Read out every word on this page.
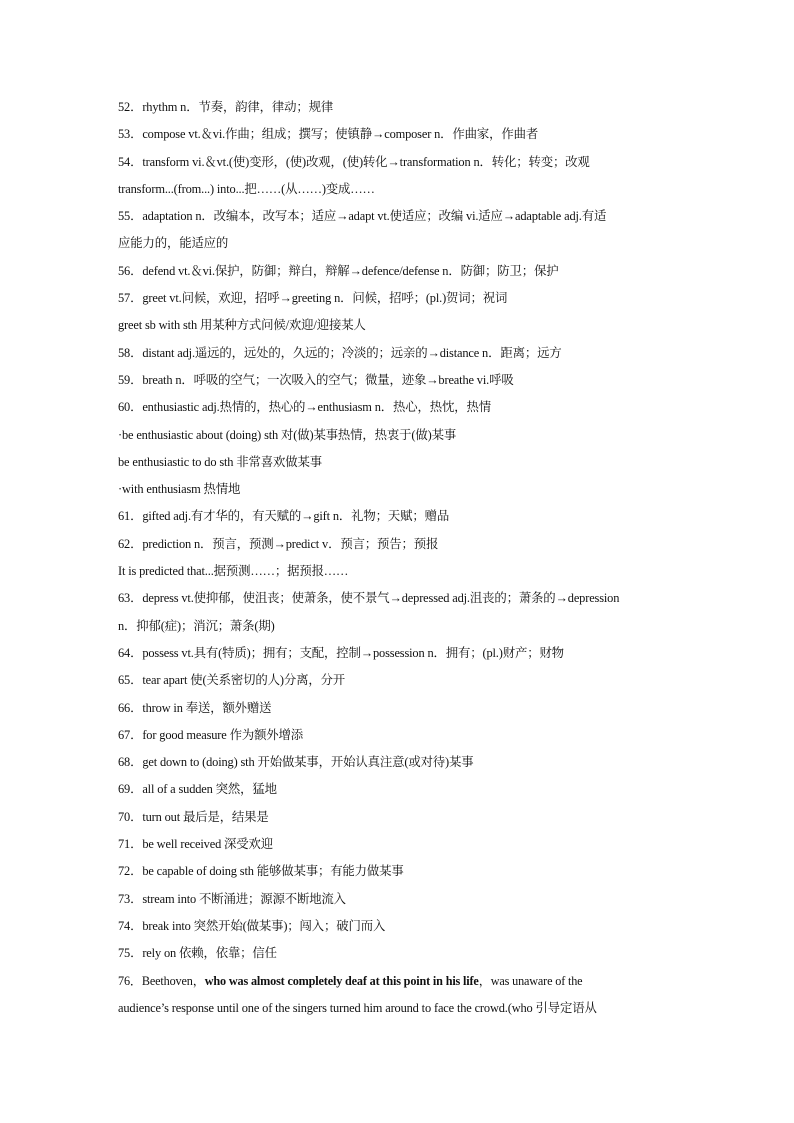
52．rhythm n．节奏，韵律，律动；规律
53．compose vt.＆vi.作曲；组成；撰写；使镇静→composer n．作曲家，作曲者
54．transform vi.＆vt.(使)变形，(使)改观，(使)转化→transformation n．转化；转变；改观
transform...(from...) into...把……(从……)变成……
55．adaptation n．改编本，改写本；适应→adapt vt.使适应；改编 vi.适应→adaptable adj.有适
应能力的，能适应的
56．defend vt.＆vi.保护，防御；辩白，辩解→defence/defense n．防御；防卫；保护
57．greet vt.问候，欢迎，招呼→greeting n．问候，招呼；(pl.)贺词；祝词
greet sb with sth 用某种方式问候/欢迎/迎接某人
58．distant adj.遥远的，远处的，久远的；冷淡的；远亲的→distance n．距离；远方
59．breath n．呼吸的空气；一次吸入的空气；微量，迹象→breathe vi.呼吸
60．enthusiastic adj.热情的，热心的→enthusiasm n．热心，热忱，热情
·be enthusiastic about (doing) sth 对(做)某事热情，热衷于(做)某事
be enthusiastic to do sth 非常喜欢做某事
·with enthusiasm 热情地
61．gifted adj.有才华的，有天赋的→gift n．礼物；天赋；赠品
62．prediction n．预言，预测→predict v．预言；预告；预报
It is predicted that...据预测……；据预报……
63．depress vt.使抑郁，使沮丧；使萧条，使不景气→depressed adj.沮丧的；萧条的→depression
n．抑郁(症)；消沉；萧条(期)
64．possess vt.具有(特质)；拥有；支配，控制→possession n．拥有；(pl.)财产；财物
65．tear apart 使(关系密切的人)分离，分开
66．throw in 奉送，额外赠送
67．for good measure 作为额外增添
68．get down to (doing) sth 开始做某事，开始认真注意(或对待)某事
69．all of a sudden 突然，猛地
70．turn out 最后是，结果是
71．be well received 深受欢迎
72．be capable of doing sth 能够做某事；有能力做某事
73．stream into 不断涌进；源源不断地流入
74．break into 突然开始(做某事)；闯入；破门而入
75．rely on 依赖，依靠；信任
76．Beethoven，who was almost completely deaf at this point in his life，was unaware of the
audience’s response until one of the singers turned him around to face the crowd.(who 引导定语从
